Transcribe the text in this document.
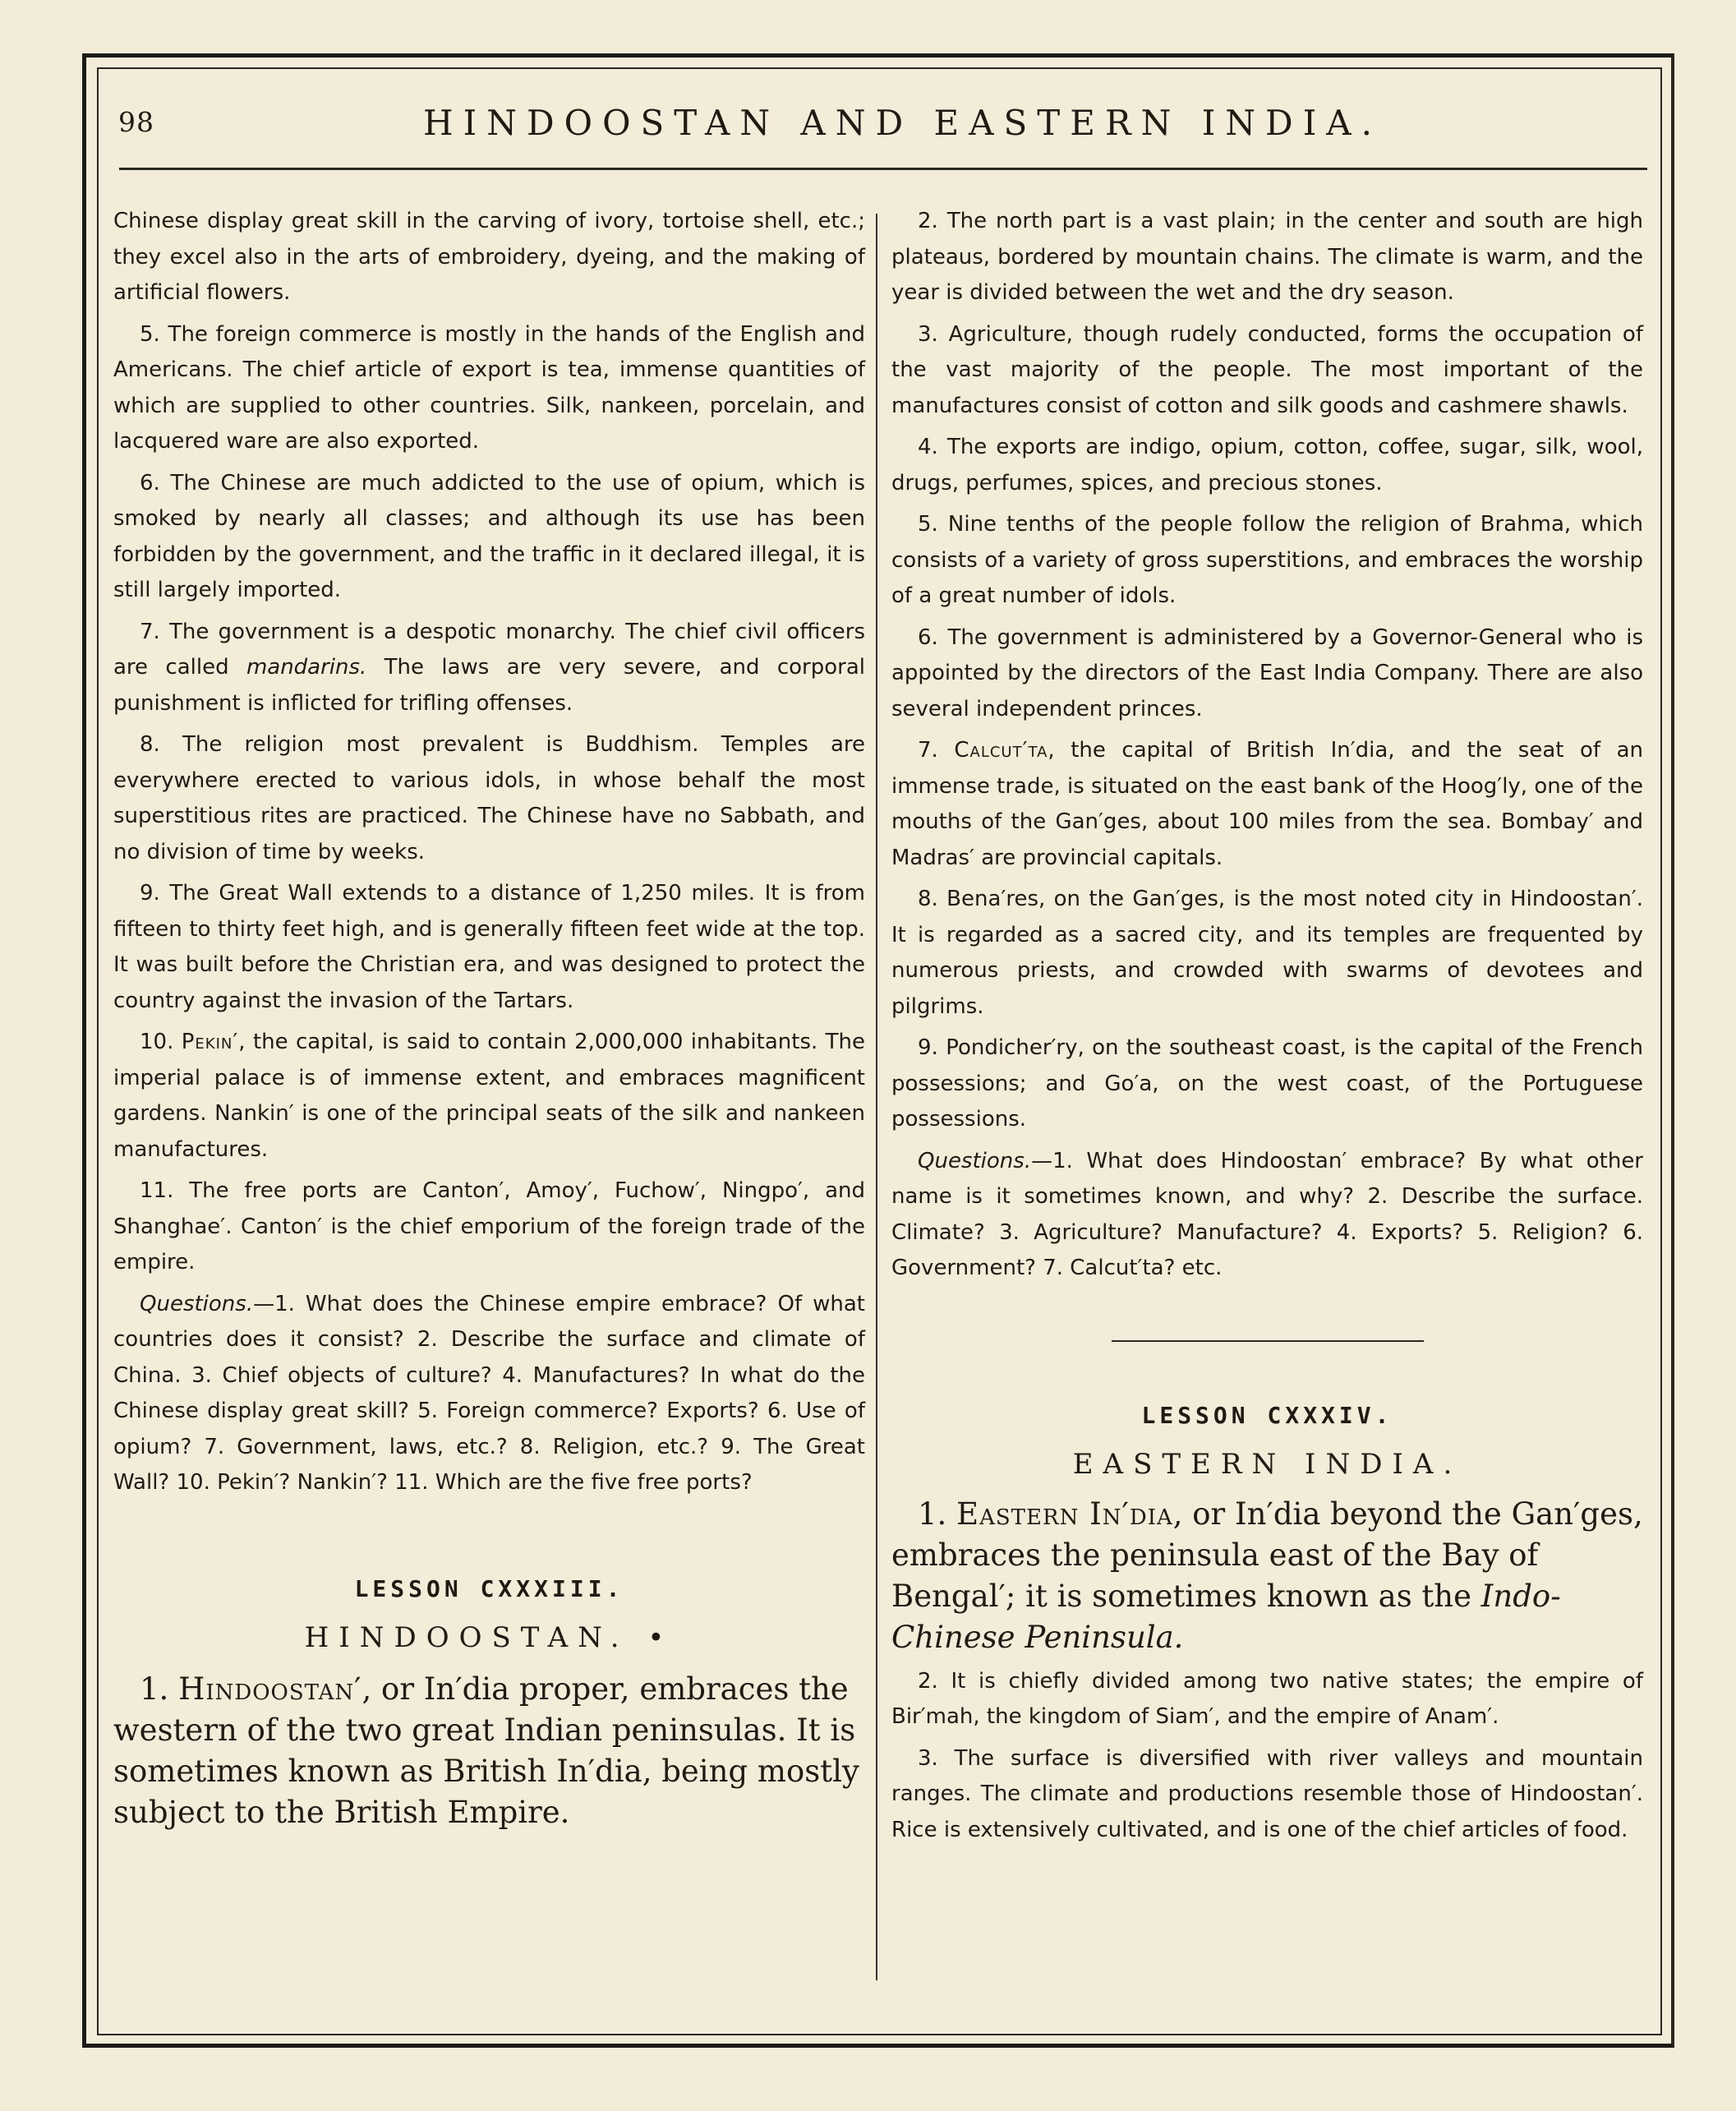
98	HINDOOSTAN AND EASTERN INDIA.

Chinese display great skill in the carving of ivory, tortoise shell, etc.; they excel also in the arts of embroidery, dyeing, and the making of artificial flowers.

5. The foreign commerce is mostly in the hands of the English and Americans. The chief article of export is tea, immense quantities of which are supplied to other countries. Silk, nankeen, porcelain, and lacquered ware are also exported.

6. The Chinese are much addicted to the use of opium, which is smoked by nearly all classes; and although its use has been forbidden by the government, and the traffic in it declared illegal, it is still largely imported.

7. The government is a despotic monarchy. The chief civil officers are called mandarins. The laws are very severe, and corporal punishment is inflicted for trifling offenses.

8. The religion most prevalent is Buddhism. Temples are everywhere erected to various idols, in whose behalf the most superstitious rites are practiced. The Chinese have no Sabbath, and no division of time by weeks.

9. The Great Wall extends to a distance of 1,250 miles. It is from fifteen to thirty feet high, and is generally fifteen feet wide at the top. It was built before the Christian era, and was designed to protect the country against the invasion of the Tartars.

10. Pekin′, the capital, is said to contain 2,000,000 inhabitants. The imperial palace is of immense extent, and embraces magnificent gardens. Nankin′ is one of the principal seats of the silk and nankeen manufactures.

11. The free ports are Canton′, Amoy′, Fuchow′, Ningpo′, and Shanghae′. Canton′ is the chief emporium of the foreign trade of the empire.

Questions.—1. What does the Chinese empire embrace? Of what countries does it consist? 2. Describe the surface and climate of China. 3. Chief objects of culture? 4. Manufactures? In what do the Chinese display great skill? 5. Foreign commerce? Exports? 6. Use of opium? 7. Government, laws, etc.? 8. Religion, etc.? 9. The Great Wall? 10. Pekin′? Nankin′? 11. Which are the five free ports?

LESSON CXXXIII.

HINDOOSTAN. •

1. Hindoostan′, or In′dia proper, embraces the western of the two great Indian peninsulas. It is sometimes known as British In′dia, being mostly subject to the British Empire.

2. The north part is a vast plain; in the center and south are high plateaus, bordered by mountain chains. The climate is warm, and the year is divided between the wet and the dry season.

3. Agriculture, though rudely conducted, forms the occupation of the vast majority of the people. The most important of the manufactures consist of cotton and silk goods and cashmere shawls.

4. The exports are indigo, opium, cotton, coffee, sugar, silk, wool, drugs, perfumes, spices, and precious stones.

5. Nine tenths of the people follow the religion of Brahma, which consists of a variety of gross superstitions, and embraces the worship of a great number of idols.

6. The government is administered by a Governor-General who is appointed by the directors of the East India Company. There are also several independent princes.

7. Calcut′ta, the capital of British In′dia, and the seat of an immense trade, is situated on the east bank of the Hoog′ly, one of the mouths of the Gan′ges, about 100 miles from the sea. Bombay′ and Madras′ are provincial capitals.

8. Bena′res, on the Gan′ges, is the most noted city in Hindoostan′. It is regarded as a sacred city, and its temples are frequented by numerous priests, and crowded with swarms of devotees and pilgrims.

9. Pondicher′ry, on the southeast coast, is the capital of the French possessions; and Go′a, on the west coast, of the Portuguese possessions.

Questions.—1. What does Hindoostan′ embrace? By what other name is it sometimes known, and why? 2. Describe the surface. Climate? 3. Agriculture? Manufacture? 4. Exports? 5. Religion? 6. Government? 7. Calcut′ta? etc.

LESSON CXXXIV.

EASTERN INDIA.

1. Eastern In′dia, or In′dia beyond the Gan′ges, embraces the peninsula east of the Bay of Bengal′; it is sometimes known as the Indo-Chinese Peninsula.

2. It is chiefly divided among two native states; the empire of Bir′mah, the kingdom of Siam′, and the empire of Anam′.

3. The surface is diversified with river valleys and mountain ranges. The climate and productions resemble those of Hindoostan′. Rice is extensively cultivated, and is one of the chief articles of food.
